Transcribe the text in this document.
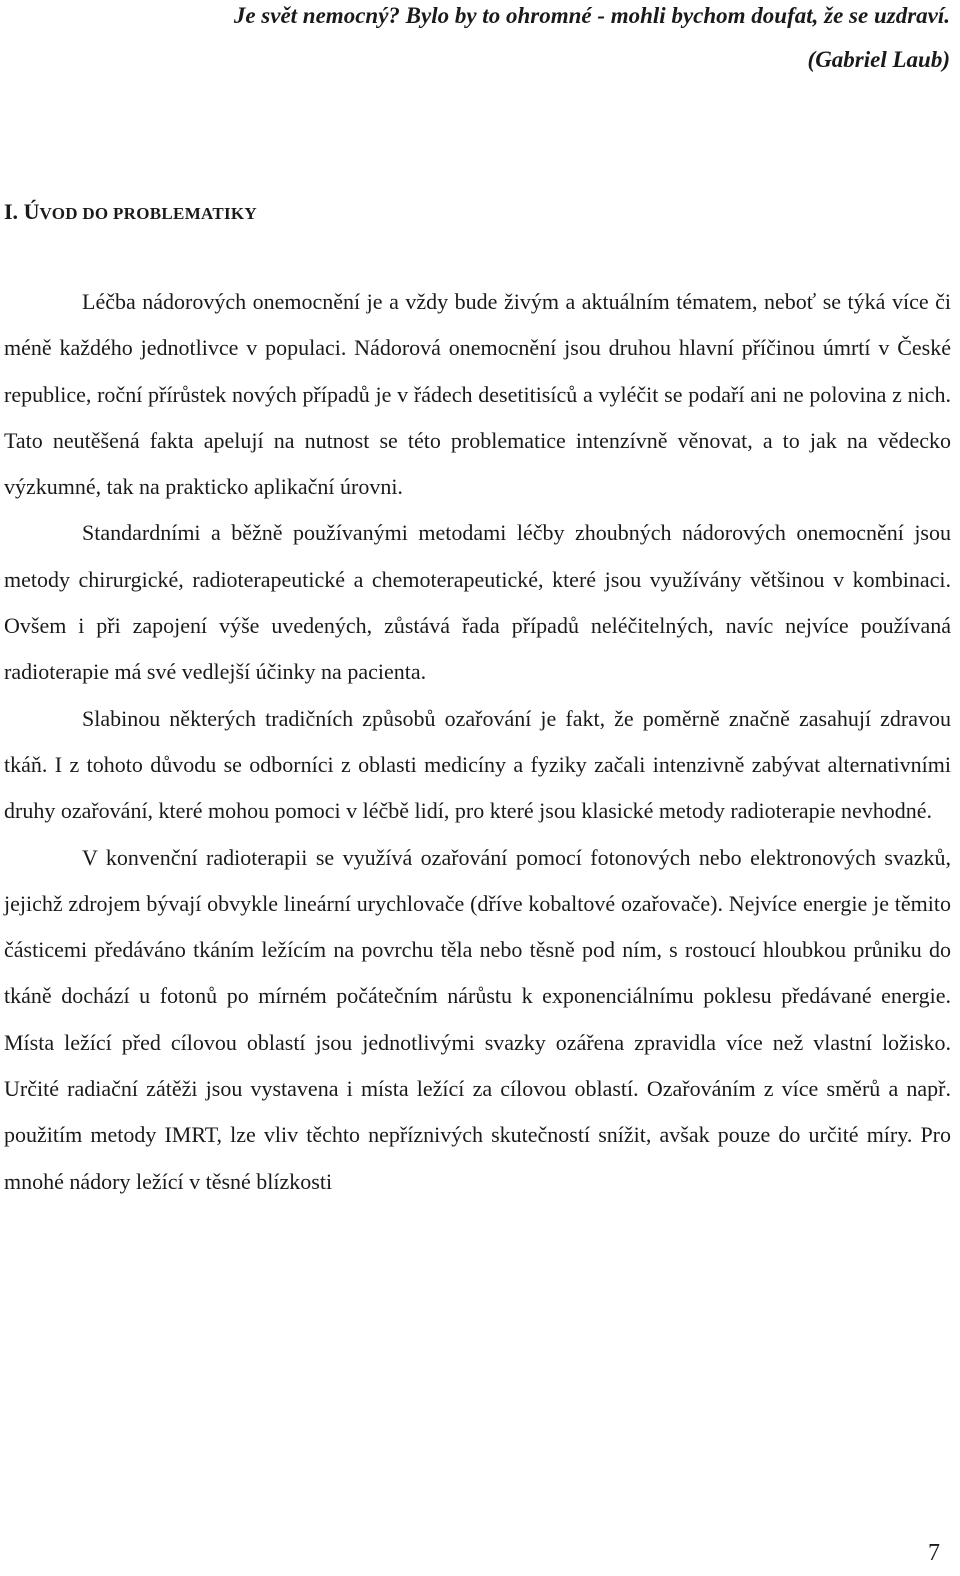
Je svět nemocný? Bylo by to ohromné - mohli bychom doufat, že se uzdraví.
(Gabriel Laub)
I. ÚVOD DO PROBLEMATIKY

Léčba nádorových onemocnění je a vždy bude živým a aktuálním tématem, neboť se týká více či méně každého jednotlivce v populaci. Nádorová onemocnění jsou druhou hlavní příčinou úmrtí v České republice, roční přírůstek nových případů je v řádech desetitisíců a vyléčit se podaří ani ne polovina z nich. Tato neutěšená fakta apelují na nutnost se této problematice intenzívně věnovat, a to jak na vědecko výzkumné, tak na prakticko aplikační úrovni.

Standardními a běžně používanými metodami léčby zhoubných nádorových onemocnění jsou metody chirurgické, radioterapeutické a chemoterapeutické, které jsou využívány většinou v kombinaci. Ovšem i při zapojení výše uvedených, zůstává řada případů neléčitelných, navíc nejvíce používaná radioterapie má své vedlejší účinky na pacienta.

Slabinou některých tradičních způsobů ozařování je fakt, že poměrně značně zasahují zdravou tkáň. I z tohoto důvodu se odborníci z oblasti medicíny a fyziky začali intenzivně zabývat alternativními druhy ozařování, které mohou pomoci v léčbě lidí, pro které jsou klasické metody radioterapie nevhodné.

V konvenční radioterapii se využívá ozařování pomocí fotonových nebo elektronových svazků, jejichž zdrojem bývají obvykle lineární urychlovače (dříve kobaltové ozařovače). Nejvíce energie je těmito částicemi předáváno tkáním ležícím na povrchu těla nebo těsně pod ním, s rostoucí hloubkou průniku do tkáně dochází u fotonů po mírném počátečním nárůstu k exponenciálnímu poklesu předávané energie. Místa ležící před cílovou oblastí jsou jednotlivými svazky ozářena zpravidla více než vlastní ložisko. Určité radiační zátěži jsou vystavena i místa ležící za cílovou oblastí. Ozařováním z více směrů a např. použitím metody IMRT, lze vliv těchto nepříznivých skutečností snížit, avšak pouze do určité míry. Pro mnohé nádory ležící v těsné blízkosti

7
